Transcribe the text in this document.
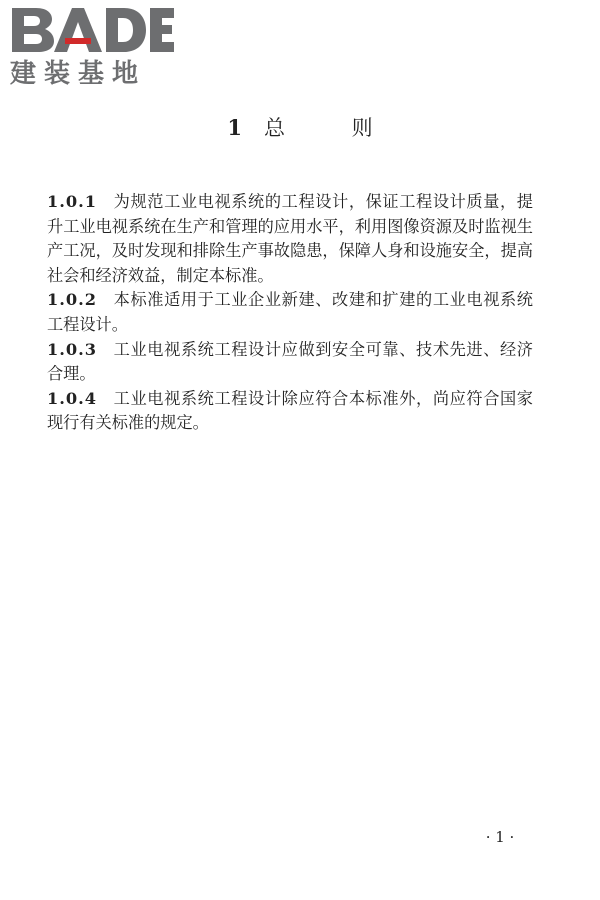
建装基地
1 总 则

1.0.1 为规范工业电视系统的工程设计，保证工程设计质量，提升工业电视系统在生产和管理的应用水平，利用图像资源及时监视生产工况，及时发现和排除生产事故隐患，保障人身和设施安全，提高社会和经济效益，制定本标准。

1.0.2 本标准适用于工业企业新建、改建和扩建的工业电视系统工程设计。

1.0.3 工业电视系统工程设计应做到安全可靠、技术先进、经济合理。

1.0.4 工业电视系统工程设计除应符合本标准外，尚应符合国家现行有关标准的规定。

· 1 ·
